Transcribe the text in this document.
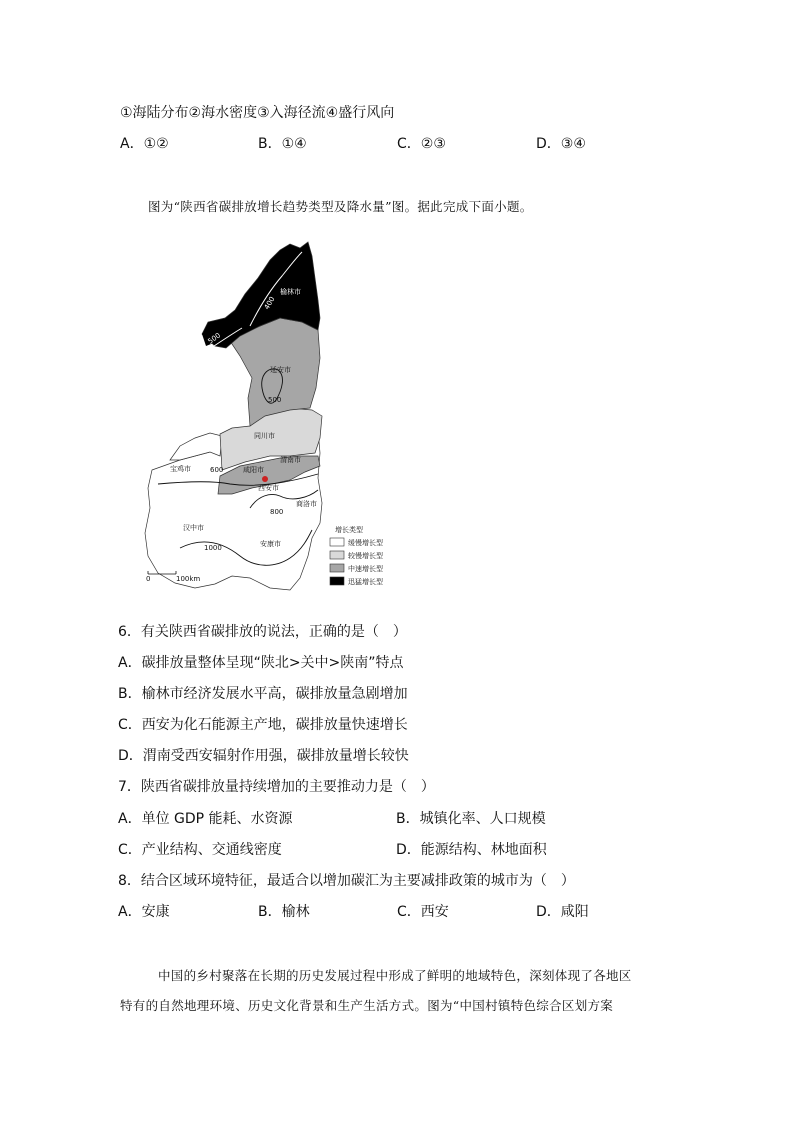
①海陆分布②海水密度③入海径流④盛行风向
A．①②	B．①④	C．②③	D．③④
图为“陕西省碳排放增长趋势类型及降水量”图。据此完成下面小题。
榆林市
延安市
同川市
宝鸡市	咸阳市
渭南市
西安市
商洛市
汉中市
安康市
400
500
500
600
800
1000
增长类型
缓慢增长型
较慢增长型
中速增长型
迅猛增长型
0	100km
6．有关陕西省碳排放的说法，正确的是（　）
A．碳排放量整体呈现“陕北>关中>陕南”特点
B．榆林市经济发展水平高，碳排放量急剧增加
C．西安为化石能源主产地，碳排放量快速增长
D．渭南受西安辐射作用强，碳排放量增长较快
7．陕西省碳排放量持续增加的主要推动力是（　）
A．单位 GDP 能耗、水资源	B．城镇化率、人口规模
C．产业结构、交通线密度	D．能源结构、林地面积
8．结合区域环境特征，最适合以增加碳汇为主要减排政策的城市为（　）
A．安康	B．榆林	C．西安	D．咸阳
中国的乡村聚落在长期的历史发展过程中形成了鲜明的地域特色，深刻体现了各地区
特有的自然地理环境、历史文化背景和生产生活方式。图为“中国村镇特色综合区划方案
